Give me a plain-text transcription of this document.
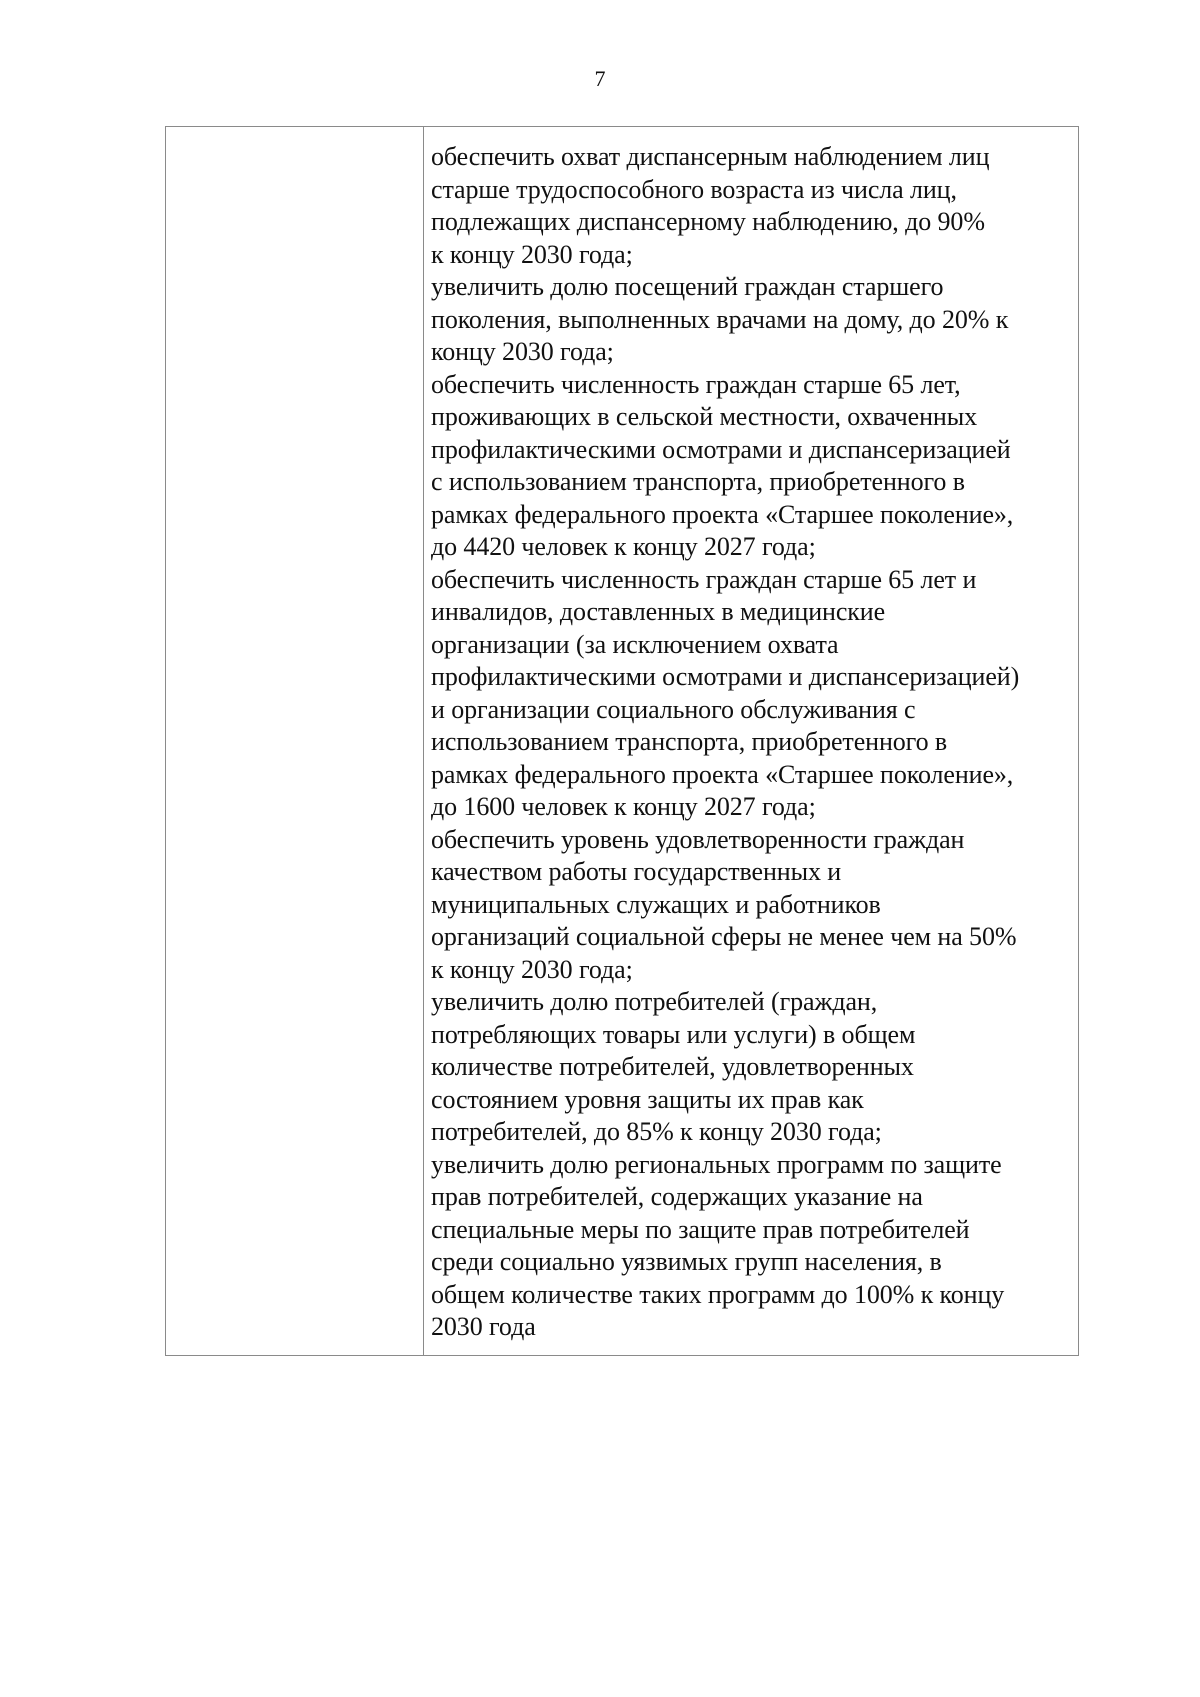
7
обеспечить охват диспансерным наблюдением лиц
старше трудоспособного возраста из числа лиц,
подлежащих диспансерному наблюдению, до 90%
к концу 2030 года;
увеличить долю посещений граждан старшего
поколения, выполненных врачами на дому, до 20% к
концу 2030 года;
обеспечить численность граждан старше 65 лет,
проживающих в сельской местности, охваченных
профилактическими осмотрами и диспансеризацией
с использованием транспорта, приобретенного в
рамках федерального проекта «Старшее поколение»,
до 4420 человек к концу 2027 года;
обеспечить численность граждан старше 65 лет и
инвалидов, доставленных в медицинские
организации (за исключением охвата
профилактическими осмотрами и диспансеризацией)
и организации социального обслуживания с
использованием транспорта, приобретенного в
рамках федерального проекта «Старшее поколение»,
до 1600 человек к концу 2027 года;
обеспечить уровень удовлетворенности граждан
качеством работы государственных и
муниципальных служащих и работников
организаций социальной сферы не менее чем на 50%
к концу 2030 года;
увеличить долю потребителей (граждан,
потребляющих товары или услуги) в общем
количестве потребителей, удовлетворенных
состоянием уровня защиты их прав как
потребителей, до 85% к концу 2030 года;
увеличить долю региональных программ по защите
прав потребителей, содержащих указание на
специальные меры по защите прав потребителей
среди социально уязвимых групп населения, в
общем количестве таких программ до 100% к концу
2030 года
